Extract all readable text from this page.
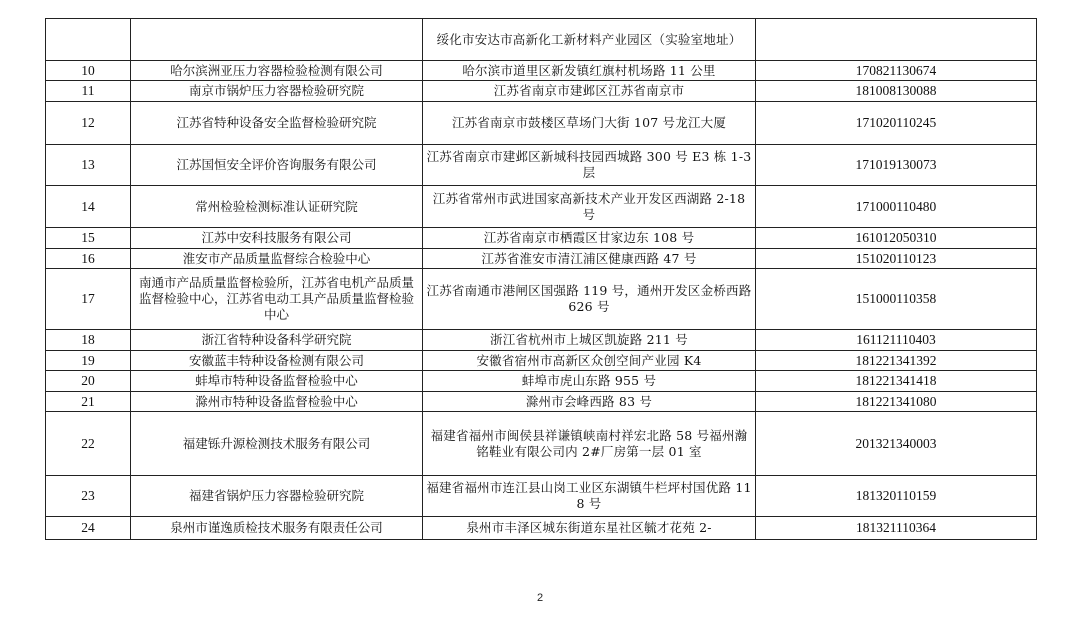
		绥化市安达市高新化工新材料产业园区（实验室地址）	
10	哈尔滨洲亚压力容器检验检测有限公司	哈尔滨市道里区新发镇红旗村机场路 11 公里	170821130674
11	南京市锅炉压力容器检验研究院	江苏省南京市建邺区江苏省南京市	181008130088
12	江苏省特种设备安全监督检验研究院	江苏省南京市鼓楼区草场门大街 107 号龙江大厦	171020110245
13	江苏国恒安全评价咨询服务有限公司	江苏省南京市建邺区新城科技园西城路 300 号 E3 栋 1-3 层	171019130073
14	常州检验检测标准认证研究院	江苏省常州市武进国家高新技术产业开发区西湖路 2-18 号	171000110480
15	江苏中安科技服务有限公司	江苏省南京市栖霞区甘家边东 108 号	161012050310
16	淮安市产品质量监督综合检验中心	江苏省淮安市清江浦区健康西路 47 号	151020110123
17	南通市产品质量监督检验所，江苏省电机产品质量监督检验中心，江苏省电动工具产品质量监督检验中心	江苏省南通市港闸区国强路 119 号，通州开发区金桥西路 626 号	151000110358
18	浙江省特种设备科学研究院	浙江省杭州市上城区凯旋路 211 号	161121110403
19	安徽蓝丰特种设备检测有限公司	安徽省宿州市高新区众创空间产业园 K4	181221341392
20	蚌埠市特种设备监督检验中心	蚌埠市虎山东路 955 号	181221341418
21	滁州市特种设备监督检验中心	滁州市会峰西路 83 号	181221341080
22	福建铄升源检测技术服务有限公司	福建省福州市闽侯县祥谦镇峡南村祥宏北路 58 号福州瀚铭鞋业有限公司内 2#厂房第一层 01 室	201321340003
23	福建省锅炉压力容器检验研究院	福建省福州市连江县山岗工业区东湖镇牛栏坪村国优路 118 号	181320110159
24	泉州市谨逸质检技术服务有限责任公司	泉州市丰泽区城东街道东星社区毓才花苑 2-	181321110364
2
